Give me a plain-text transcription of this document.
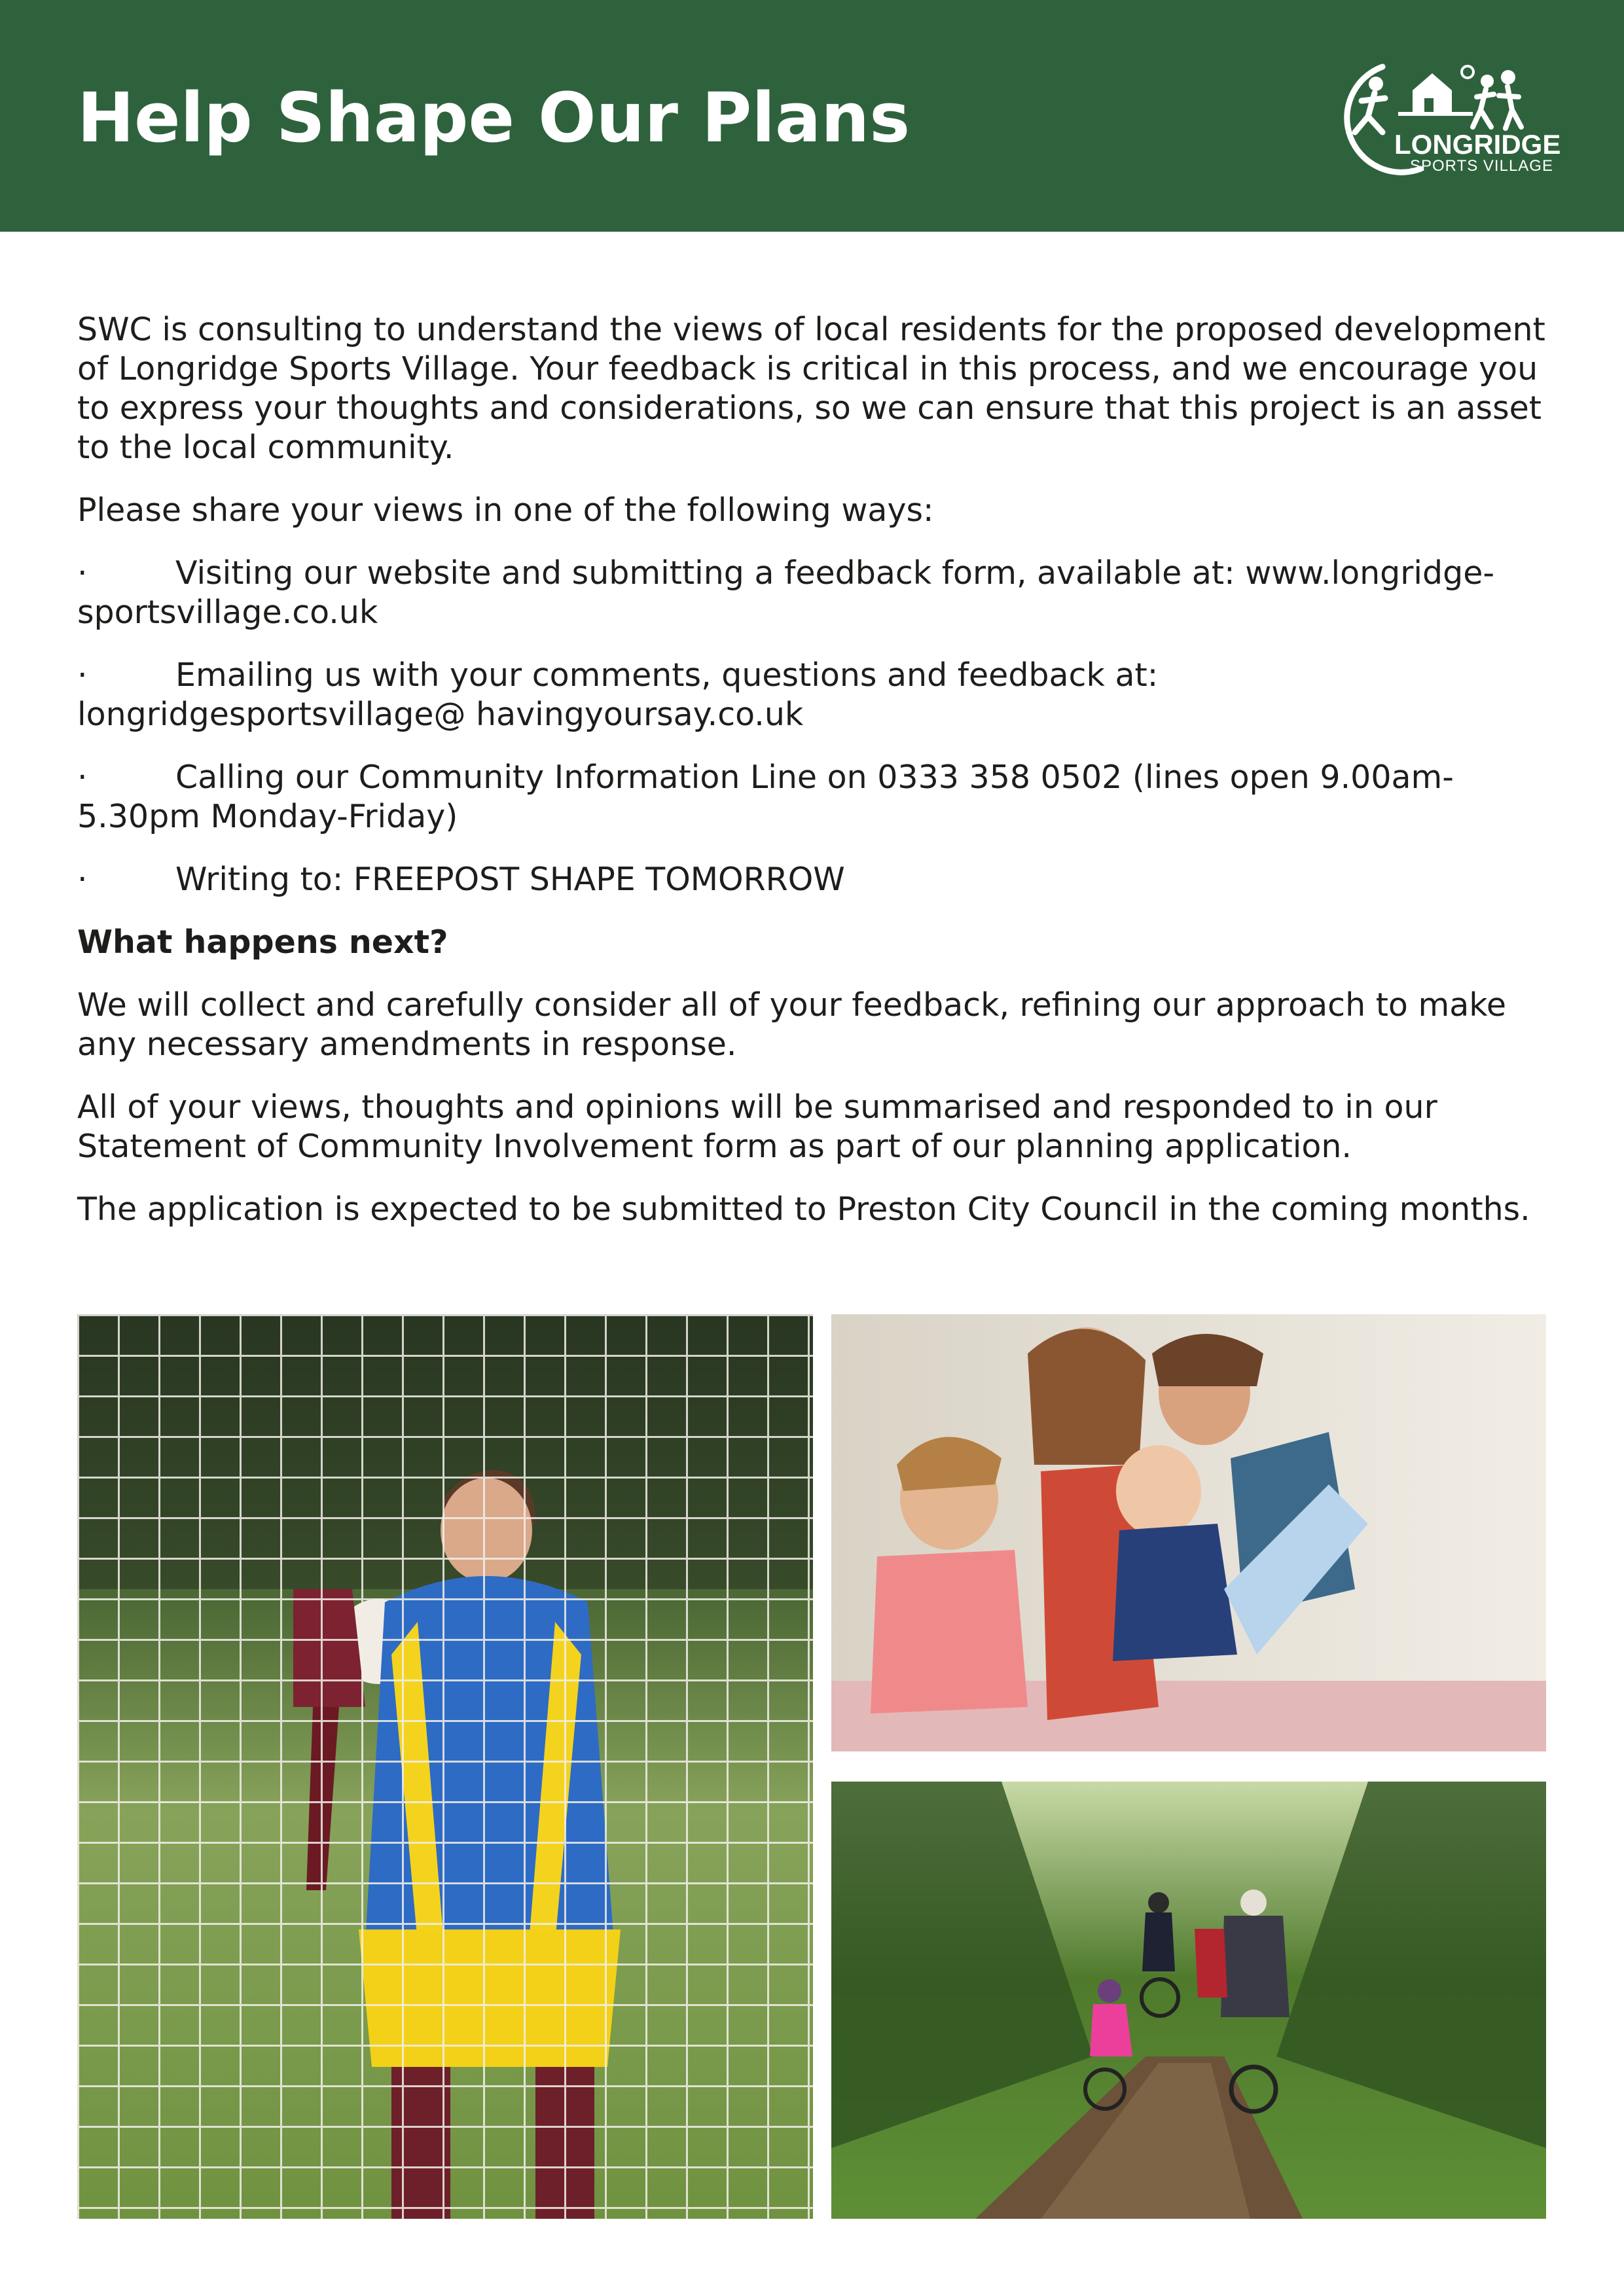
Help Shape Our Plans	LONGRIDGE
SPORTS VILLAGE

SWC is consulting to understand the views of local residents for the proposed development of Longridge Sports Village. Your feedback is critical in this process, and we encourage you to express your thoughts and considerations, so we can ensure that this project is an asset to the local community.

Please share your views in one of the following ways:

·	Visiting our website and submitting a feedback form, available at: www.longridge-sportsvillage.co.uk
·	Emailing us with your comments, questions and feedback at: longridgesportsvillage@ havingyoursay.co.uk
·	Calling our Community Information Line on 0333 358 0502 (lines open 9.00am-5.30pm Monday-Friday)
·	Writing to: FREEPOST SHAPE TOMORROW

What happens next?

We will collect and carefully consider all of your feedback, refining our approach to make any necessary amendments in response.

All of your views, thoughts and opinions will be summarised and responded to in our Statement of Community Involvement form as part of our planning application.

The application is expected to be submitted to Preston City Council in the coming months.
